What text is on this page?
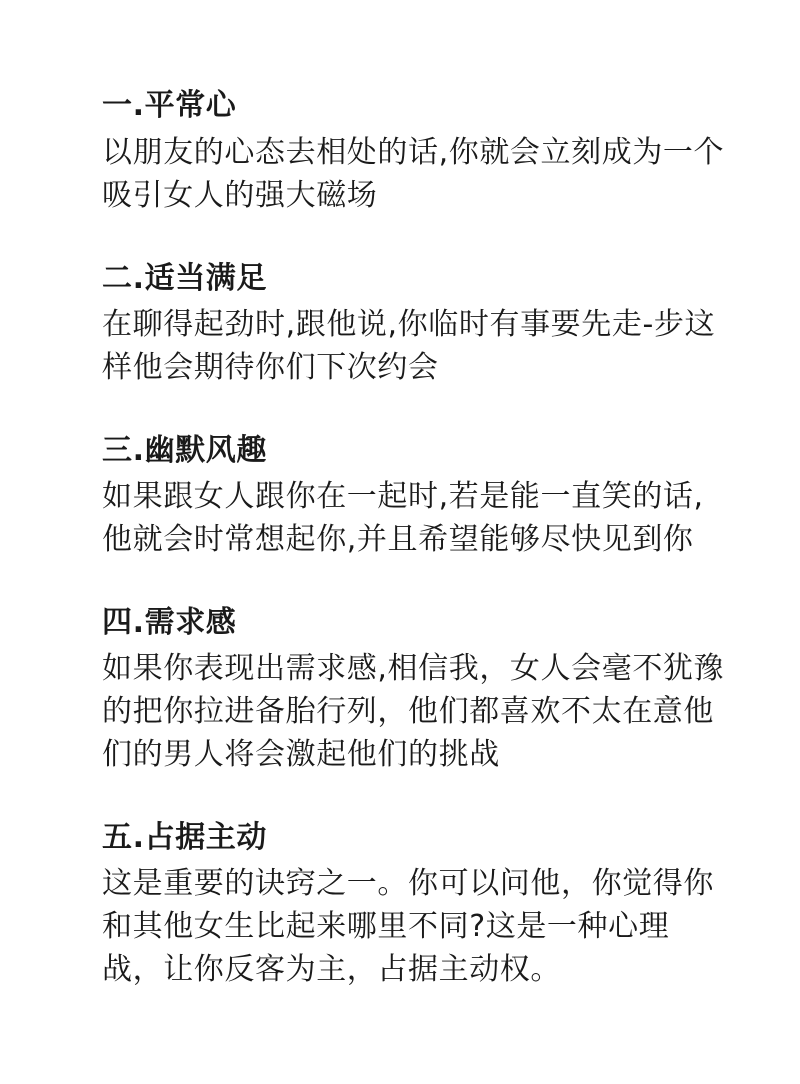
一.平常心
以朋友的心态去相处的话,你就会立刻成为一个
吸引女人的强大磁场
二.适当满足
在聊得起劲时,跟他说,你临时有事要先走-步这
样他会期待你们下次约会
三.幽默风趣
如果跟女人跟你在一起时,若是能一直笑的话,
他就会时常想起你,并且希望能够尽快见到你
四.需求感
如果你表现出需求感,相信我，女人会毫不犹豫
的把你拉进备胎行列，他们都喜欢不太在意他
们的男人将会激起他们的挑战
五.占据主动
这是重要的诀窍之一。你可以问他，你觉得你
和其他女生比起来哪里不同?这是一种心理
战，让你反客为主，占据主动权。
